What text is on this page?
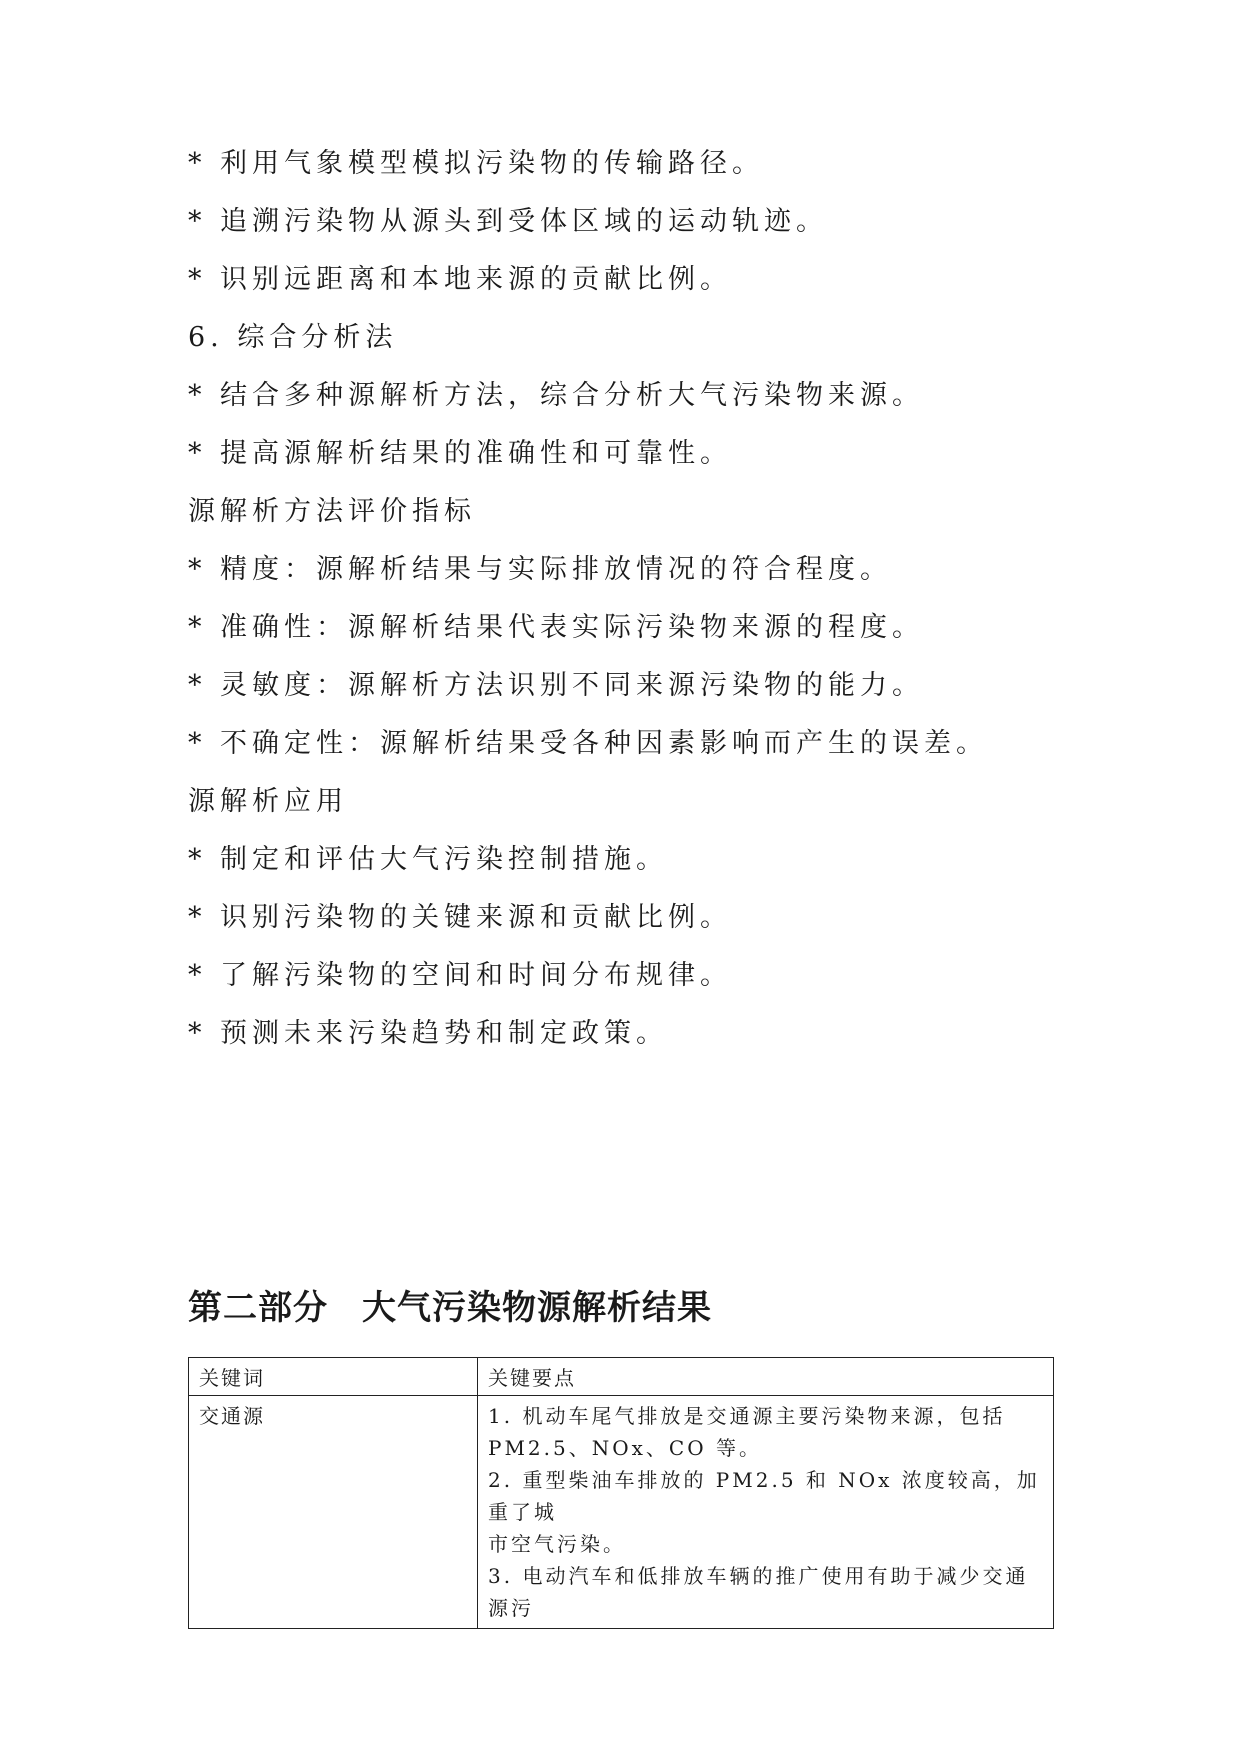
* 利用气象模型模拟污染物的传输路径。
* 追溯污染物从源头到受体区域的运动轨迹。
* 识别远距离和本地来源的贡献比例。
6. 综合分析法
* 结合多种源解析方法，综合分析大气污染物来源。
* 提高源解析结果的准确性和可靠性。
源解析方法评价指标
* 精度：源解析结果与实际排放情况的符合程度。
* 准确性：源解析结果代表实际污染物来源的程度。
* 灵敏度：源解析方法识别不同来源污染物的能力。
* 不确定性：源解析结果受各种因素影响而产生的误差。
源解析应用
* 制定和评估大气污染控制措施。
* 识别污染物的关键来源和贡献比例。
* 了解污染物的空间和时间分布规律。
* 预测未来污染趋势和制定政策。
第二部分 大气污染物源解析结果
关键词	关键要点
交通源	1. 机动车尾气排放是交通源主要污染物来源，包括
PM2.5、NOx、CO 等。
2. 重型柴油车排放的 PM2.5 和 NOx 浓度较高，加重了城
市空气污染。
3. 电动汽车和低排放车辆的推广使用有助于减少交通源污
